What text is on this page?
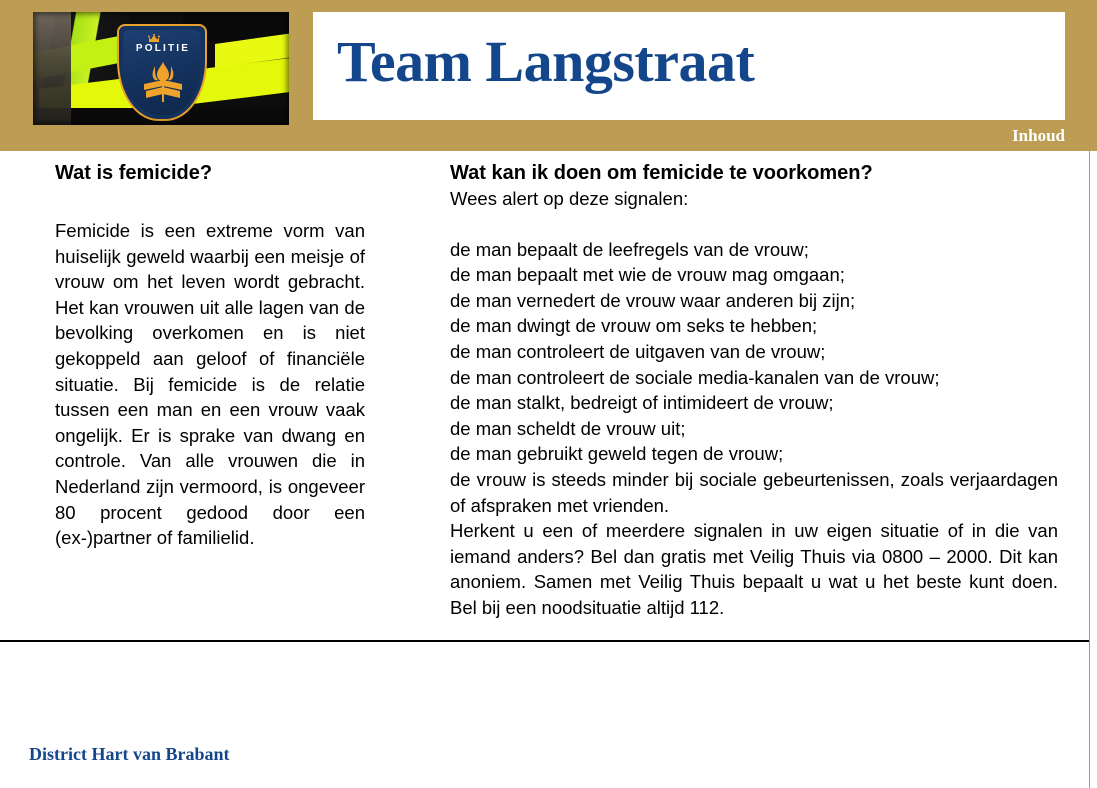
POLITIE	Team Langstraat
Inhoud
Wat is femicide?

Femicide is een extreme vorm van huiselijk geweld waarbij een meisje of vrouw om het leven wordt gebracht. Het kan vrouwen uit alle lagen van de bevolking overkomen en is niet gekoppeld aan geloof of financiële situatie. Bij femicide is de relatie tussen een man en een vrouw vaak ongelijk. Er is sprake van dwang en controle. Van alle vrouwen die in Nederland zijn vermoord, is ongeveer 80 procent gedood door een (ex-)partner of familielid.

Wat kan ik doen om femicide te voorkomen?

Wees alert op deze signalen:

de man bepaalt de leefregels van de vrouw;
de man bepaalt met wie de vrouw mag omgaan;
de man vernedert de vrouw waar anderen bij zijn;
de man dwingt de vrouw om seks te hebben;
de man controleert de uitgaven van de vrouw;
de man controleert de sociale media-kanalen van de vrouw;
de man stalkt, bedreigt of intimideert de vrouw;
de man scheldt de vrouw uit;
de man gebruikt geweld tegen de vrouw;
de vrouw is steeds minder bij sociale gebeurtenissen, zoals verjaardagen of afspraken met vrienden.

Herkent u een of meerdere signalen in uw eigen situatie of in die van iemand anders? Bel dan gratis met Veilig Thuis via 0800 – 2000. Dit kan anoniem. Samen met Veilig Thuis bepaalt u wat u het beste kunt doen. Bel bij een noodsituatie altijd 112.

District Hart van Brabant
